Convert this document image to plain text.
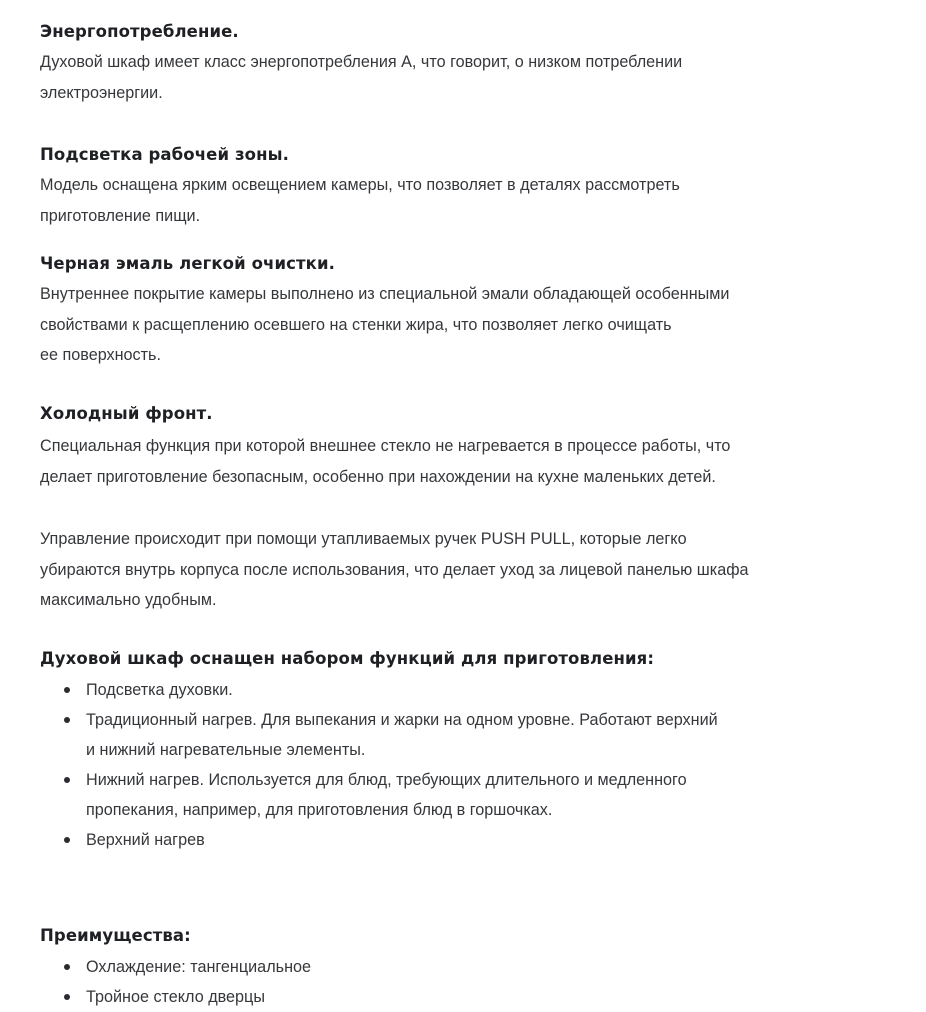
Энергопотребление.
Духовой шкаф имеет класс энергопотребления А, что говорит, о низком потреблении
электроэнергии.
Подсветка рабочей зоны.
Модель оснащена ярким освещением камеры, что позволяет в деталях рассмотреть
приготовление пищи.
Черная эмаль легкой очистки.
Внутреннее покрытие камеры выполнено из специальной эмали обладающей особенными
свойствами к расщеплению осевшего на стенки жира, что позволяет легко очищать
ее поверхность.
Холодный фронт.
Специальная функция при которой внешнее стекло не нагревается в процессе работы, что
делает приготовление безопасным, особенно при нахождении на кухне маленьких детей.
Управление происходит при помощи утапливаемых ручек PUSH PULL, которые легко
убираются внутрь корпуса после использования, что делает уход за лицевой панелью шкафа
максимально удобным.
Духовой шкаф оснащен набором функций для приготовления:
Подсветка духовки.
Традиционный нагрев. Для выпекания и жарки на одном уровне. Работают верхний
и нижний нагревательные элементы.
Нижний нагрев. Используется для блюд, требующих длительного и медленного
пропекания, например, для приготовления блюд в горшочках.
Верхний нагрев
Преимущества:
Охлаждение: тангенциальное
Тройное стекло дверцы
